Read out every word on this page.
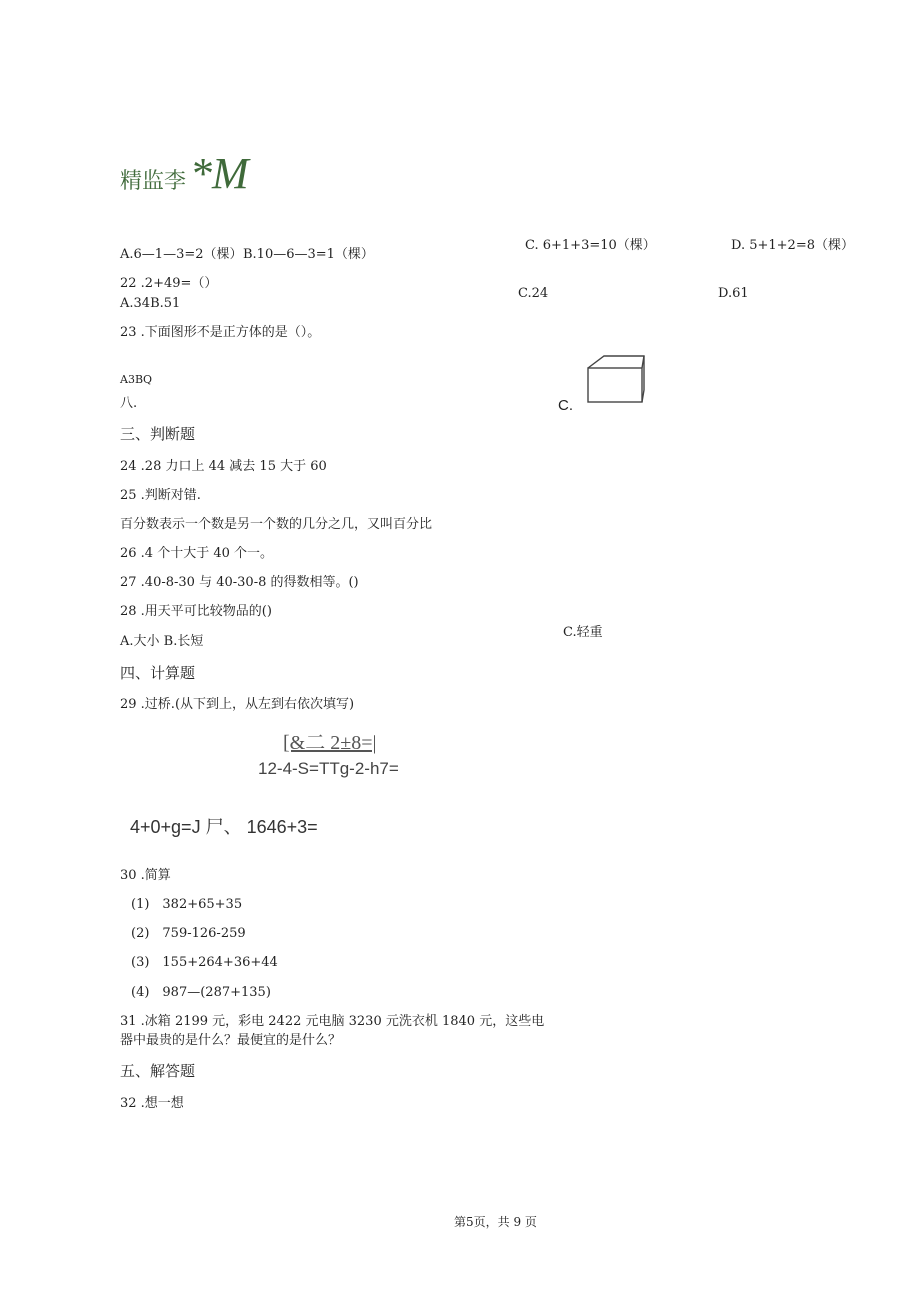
精监李*M
A.6—1—3=2（棵） B.10—6—3=1（棵）
C. 6+1+3=10（棵）	D. 5+1+2=8（棵）
22 .2+49=（）
A.34B.51
C.24	D.61
23 .下面图形不是正方体的是（）。
A3BQ
八.	C.
三、判断题
24 .28 力口上 44 减去 15 大于 60
25 .判断对错.
百分数表示一个数是另一个数的几分之几，又叫百分比
26 .4 个十大于 40 个一。
27 .40-8-30 与 40-30-8 的得数相等。()
28 .用天平可比较物品的()
A.大小 B.长短
C.轻重
四、计算题
29 .过桥.(从下到上，从左到右依次填写)
[&二 2±8=|
12-4-S=TTg-2-h7=
4+0+g=J 尸、 1646+3=
30 .简算
(1)　382+65+35
(2)　759-126-259
(3)　155+264+36+44
(4)　987—(287+135)
31 .冰箱 2199 元，彩电 2422 元电脑 3230 元洗衣机 1840 元，这些电
器中最贵的是什么？最便宜的是什么？
五、解答题
32 .想一想
第5页，共 9 页
